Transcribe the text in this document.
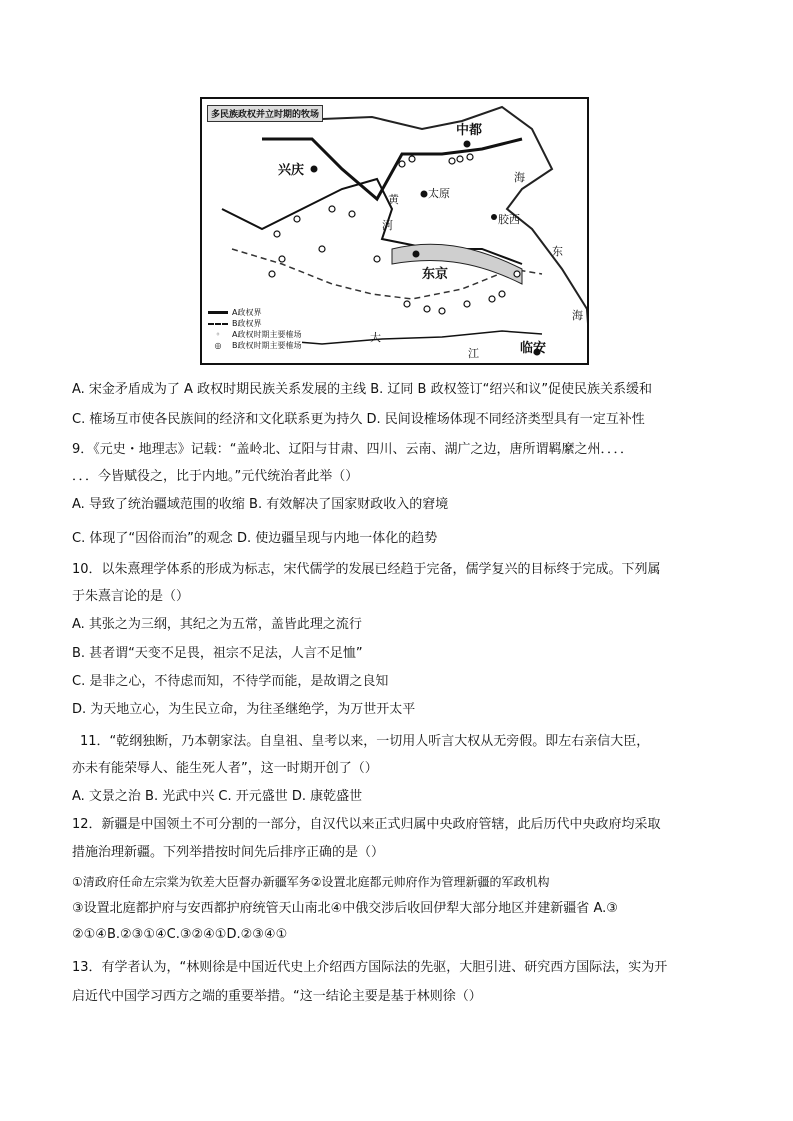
多民族政权并立时期的牧场
中都
兴庆	海
太原
黄
河	胶西
东
海
东京
大
江	临安
A政权界
B政权界
◦	A政权时期主要榷场
◎	B政权时期主要榷场
A. 宋金矛盾成为了 A 政权时期民族关系发展的主线 B. 辽同 B 政权签订“绍兴和议”促使民族关系缓和
C. 榷场互市使各民族间的经济和文化联系更为持久 D. 民间设榷场体现不同经济类型具有一定互补性
9．《元史・地理志》记载：“盖岭北、辽阳与甘肃、四川、云南、湖广之边，唐所谓羁縻之州．．．．
．．．今皆赋役之，比于内地。”元代统治者此举（）
A. 导致了统治疆域范围的收缩 B. 有效解决了国家财政收入的窘境
C. 体现了“因俗而治”的观念 D. 使边疆呈现与内地一体化的趋势
10．以朱熹理学体系的形成为标志，宋代儒学的发展已经趋于完备，儒学复兴的目标终于完成。下列属
于朱熹言论的是（）
A. 其张之为三纲，其纪之为五常，盖皆此理之流行
B. 甚者谓“天变不足畏，祖宗不足法，人言不足恤”
C. 是非之心，不待虑而知，不待学而能，是故谓之良知
D. 为天地立心，为生民立命，为往圣继绝学，为万世开太平
11．“乾纲独断，乃本朝家法。自皇祖、皇考以来，一切用人听言大权从无旁假。即左右亲信大臣，
亦未有能荣辱人、能生死人者”，这一时期开创了（）
A. 文景之治 B. 光武中兴 C. 开元盛世 D. 康乾盛世
12．新疆是中国领土不可分割的一部分，自汉代以来正式归属中央政府管辖，此后历代中央政府均采取
措施治理新疆。下列举措按时间先后排序正确的是（）
①清政府任命左宗棠为钦差大臣督办新疆军务②设置北庭都元帅府作为管理新疆的军政机构
③设置北庭都护府与安西都护府统管天山南北④中俄交涉后收回伊犁大部分地区并建新疆省 A.③
②①④B.②③①④C.③②④①D.②③④①
13．有学者认为，“林则徐是中国近代史上介绍西方国际法的先驱，大胆引进、研究西方国际法，实为开
启近代中国学习西方之端的重要举措。“这一结论主要是基于林则徐（）
